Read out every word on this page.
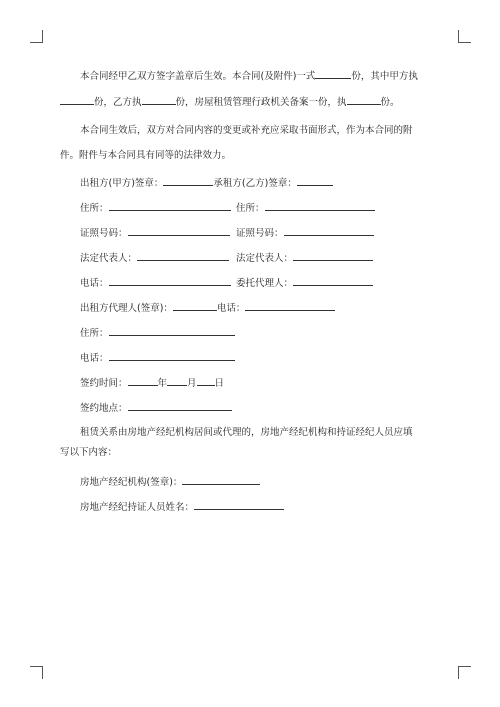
本合同经甲乙双方签字盖章后生效。本合同(及附件)一式	份，其中甲方执
份，乙方执	份，房屋租赁管理行政机关备案一份，执	份。
本合同生效后，双方对合同内容的变更或补充应采取书面形式，作为本合同的附
件。附件与本合同具有同等的法律效力。
出租方(甲方)签章：	承租方(乙方)签章：
住所：	住所：
证照号码：	证照号码：
法定代表人：	法定代表人：
电话：	委托代理人：
出租方代理人(签章)：	电话：
住所：
电话：
签约时间：	年 月 日
签约地点：
租赁关系由房地产经纪机构居间或代理的，房地产经纪机构和持证经纪人员应填
写以下内容：
房地产经纪机构(签章)：
房地产经纪持证人员姓名：
